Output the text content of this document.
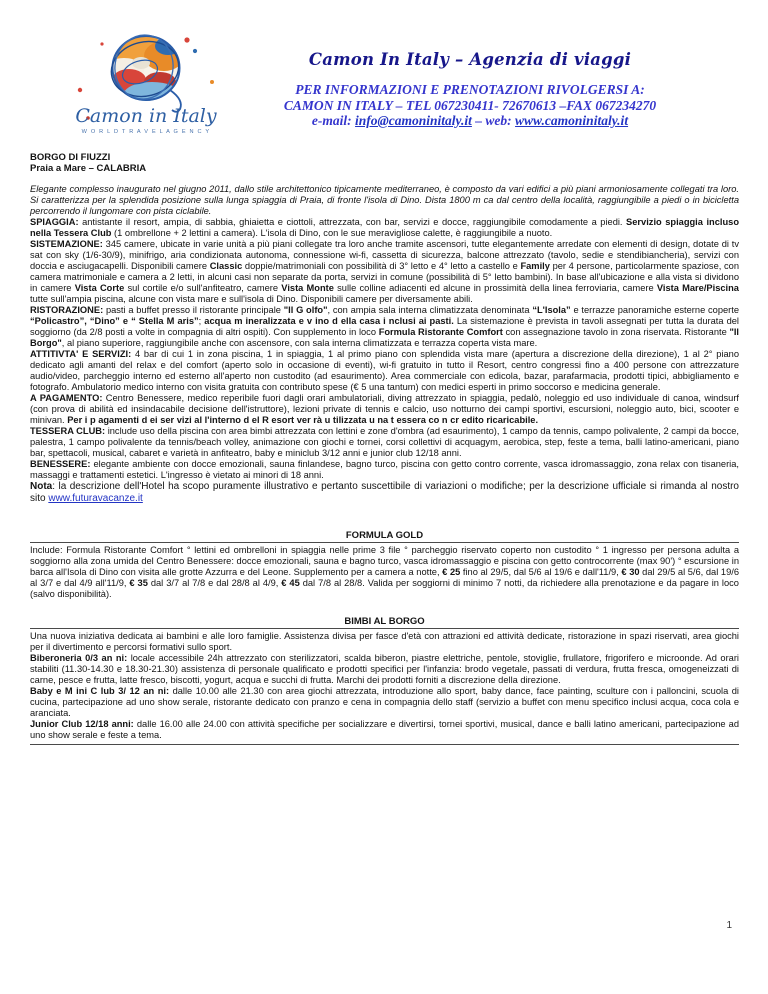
Camon in Italy
W O R L D T R A V E L A G E N C Y
Camon In Italy – Agenzia di viaggi
PER INFORMAZIONI E PRENOTAZIONI RIVOLGERSI A:
CAMON IN ITALY – TEL 067230411- 72670613 –FAX 067234270
e-mail: info@camoninitaly.it – web: www.camoninitaly.it
BORGO DI FIUZZI
Praia a Mare – CALABRIA

Elegante complesso inaugurato nel giugno 2011, dallo stile architettonico tipicamente mediterraneo, è composto da vari edifici a più piani armoniosamente collegati tra loro. Si caratterizza per la splendida posizione sulla lunga spiaggia di Praia, di fronte l'isola di Dino. Dista 1800 m ca dal centro della località, raggiungibile a piedi o in bicicletta percorrendo il lungomare con pista ciclabile.

SPIAGGIA: antistante il resort, ampia, di sabbia, ghiaietta e ciottoli, attrezzata, con bar, servizi e docce, raggiungibile comodamente a piedi. Servizio spiaggia incluso nella Tessera Club (1 ombrellone + 2 lettini a camera). L'isola di Dino, con le sue meravigliose calette, è raggiungibile a nuoto.

SISTEMAZIONE: 345 camere, ubicate in varie unità a più piani collegate tra loro anche tramite ascensori, tutte elegantemente arredate con elementi di design, dotate di tv sat con sky (1/6-30/9), minifrigo, aria condizionata autonoma, connessione wi-fi, cassetta di sicurezza, balcone attrezzato (tavolo, sedie e stendibiancheria), servizi con doccia e asciugacapelli. Disponibili camere Classic doppie/matrimoniali con possibilità di 3° letto e 4° letto a castello e Family per 4 persone, particolarmente spaziose, con camera matrimoniale e camera a 2 letti, in alcuni casi non separate da porta, servizi in comune (possibilità di 5° letto bambini). In base all'ubicazione e alla vista si dividono in camere Vista Corte sul cortile e/o sull'anfiteatro, camere Vista Monte sulle colline adiacenti ed alcune in prossimità della linea ferroviaria, camere Vista Mare/Piscina tutte sull'ampia piscina, alcune con vista mare e sull'isola di Dino. Disponibili camere per diversamente abili.

RISTORAZIONE: pasti a buffet presso il ristorante principale "Il G olfo", con ampia sala interna climatizzata denominata “L'Isola” e terrazze panoramiche esterne coperte “Policastro”, “Dino” e “ Stella M aris”; acqua m ineralizzata e v ino d ella casa i nclusi ai pasti. La sistemazione è prevista in tavoli assegnati per tutta la durata del soggiorno (da 2/8 posti a volte in compagnia di altri ospiti). Con supplemento in loco Formula Ristorante Comfort con assegnazione tavolo in zona riservata. Ristorante "Il Borgo", al piano superiore, raggiungibile anche con ascensore, con sala interna climatizzata e terrazza coperta vista mare.

ATTITIVTA' E SERVIZI: 4 bar di cui 1 in zona piscina, 1 in spiaggia, 1 al primo piano con splendida vista mare (apertura a discrezione della direzione), 1 al 2° piano dedicato agli amanti del relax e del comfort (aperto solo in occasione di eventi), wi-fi gratuito in tutto il Resort, centro congressi fino a 400 persone con attrezzature audio/video, parcheggio interno ed esterno all'aperto non custodito (ad esaurimento). Area commerciale con edicola, bazar, parafarmacia, prodotti tipici, abbigliamento e fotografo. Ambulatorio medico interno con visita gratuita con contributo spese (€ 5 una tantum) con medici esperti in primo soccorso e medicina generale.

A PAGAMENTO: Centro Benessere, medico reperibile fuori dagli orari ambulatoriali, diving attrezzato in spiaggia, pedalò, noleggio ed uso individuale di canoa, windsurf (con prova di abilità ed insindacabile decisione dell'istruttore), lezioni private di tennis e calcio, uso notturno dei campi sportivi, escursioni, noleggio auto, bici, scooter e minivan. Per i p agamenti d ei ser vizi al l'interno d el R esort ver rà u tilizzata u na t essera co n cr edito ricaricabile.

TESSERA CLUB: include uso della piscina con area bimbi attrezzata con lettini e zone d'ombra (ad esaurimento), 1 campo da tennis, campo polivalente, 2 campi da bocce, palestra, 1 campo polivalente da tennis/beach volley, animazione con giochi e tornei, corsi collettivi di acquagym, aerobica, step, feste a tema, balli latino-americani, piano bar, spettacoli, musical, cabaret e varietà in anfiteatro, baby e miniclub 3/12 anni e junior club 12/18 anni.

BENESSERE: elegante ambiente con docce emozionali, sauna finlandese, bagno turco, piscina con getto contro corrente, vasca idromassaggio, zona relax con tisaneria, massaggi e trattamenti estetici. L'ingresso è vietato ai minori di 18 anni.

Nota: la descrizione dell'Hotel ha scopo puramente illustrativo e pertanto suscettibile di variazioni o modifiche; per la descrizione ufficiale si rimanda al nostro sito www.futuravacanze.it

FORMULA GOLD

Include: Formula Ristorante Comfort ° lettini ed ombrelloni in spiaggia nelle prime 3 file ° parcheggio riservato coperto non custodito ° 1 ingresso per persona adulta a soggiorno alla zona umida del Centro Benessere: docce emozionali, sauna e bagno turco, vasca idromassaggio e piscina con getto controcorrente (max 90') ° escursione in barca all'Isola di Dino con visita alle grotte Azzurra e del Leone. Supplemento per a camera a notte, € 25 fino al 29/5, dal 5/6 al 19/6 e dall'11/9, € 30 dal 29/5 al 5/6, dal 19/6 al 3/7 e dal 4/9 all'11/9, € 35 dal 3/7 al 7/8 e dal 28/8 al 4/9, € 45 dal 7/8 al 28/8. Valida per soggiorni di minimo 7 notti, da richiedere alla prenotazione e da pagare in loco (salvo disponibilità).

BIMBI AL BORGO

Una nuova iniziativa dedicata ai bambini e alle loro famiglie. Assistenza divisa per fasce d'età con attrazioni ed attività dedicate, ristorazione in spazi riservati, area giochi per il divertimento e percorsi formativi sullo sport.

Biberoneria 0/3 an ni: locale accessibile 24h attrezzato con sterilizzatori, scalda biberon, piastre elettriche, pentole, stoviglie, frullatore, frigorifero e microonde. Ad orari stabiliti (11.30-14.30 e 18.30-21.30) assistenza di personale qualificato e prodotti specifici per l'infanzia: brodo vegetale, passati di verdura, frutta fresca, omogeneizzati di carne, pesce e frutta, latte fresco, biscotti, yogurt, acqua e succhi di frutta. Marchi dei prodotti forniti a discrezione della direzione.

Baby e M ini C lub 3/ 12 an ni: dalle 10.00 alle 21.30 con area giochi attrezzata, introduzione allo sport, baby dance, face painting, sculture con i palloncini, scuola di cucina, partecipazione ad uno show serale, ristorante dedicato con pranzo e cena in compagnia dello staff (servizio a buffet con menu specifico inclusi acqua, coca cola e aranciata.

Junior Club 12/18 anni: dalle 16.00 alle 24.00 con attività specifiche per socializzare e divertirsi, tornei sportivi, musical, dance e balli latino americani, partecipazione ad uno show serale e feste a tema.

1
